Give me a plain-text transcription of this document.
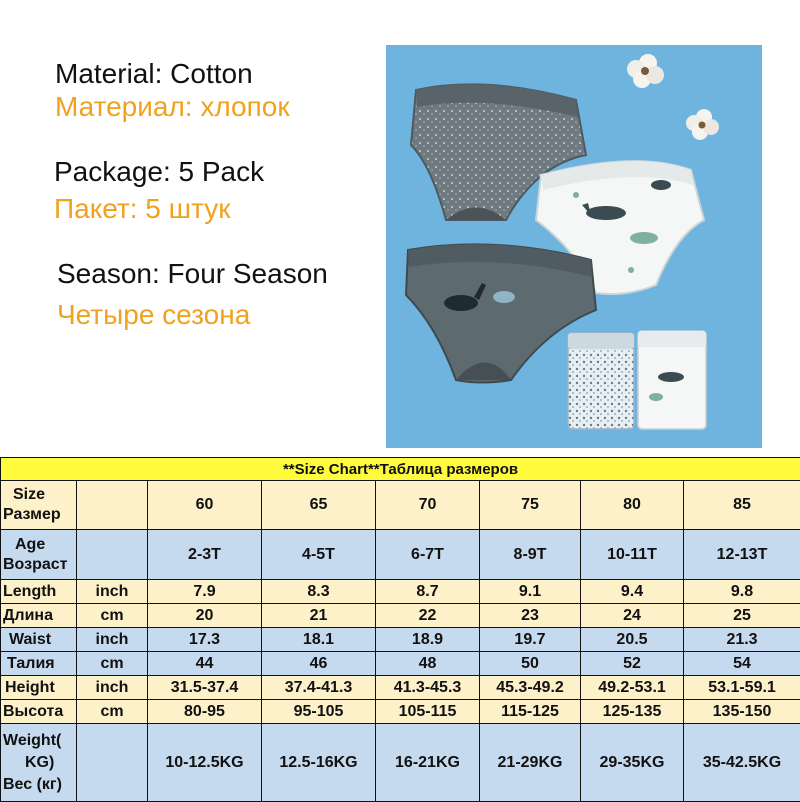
Material: Cotton
Материал: хлопок
Package: 5 Pack
Пакет: 5 штук
Season: Four Season
Четыре сезона
**Size Chart**Таблица размеров							

Size
Размер		60	65	70	75	80	85

Age
Возраст		2-3T	4-5T	6-7T	8-9T	10-11T	12-13T
Length	inch	7.9	8.3	8.7	9.1	9.4	9.8
Длина	cm	20	21	22	23	24	25
Waist	inch	17.3	18.1	18.9	19.7	20.5	21.3
Талия	cm	44	46	48	50	52	54
Height	inch	31.5-37.4	37.4-41.3	41.3-45.3	45.3-49.2	49.2-53.1	53.1-59.1
Высота	cm	80-95	95-105	105-115	115-125	125-135	135-150

Weight(
KG)
Вес (кг)		10-12.5KG	12.5-16KG	16-21KG	21-29KG	29-35KG	35-42.5KG
